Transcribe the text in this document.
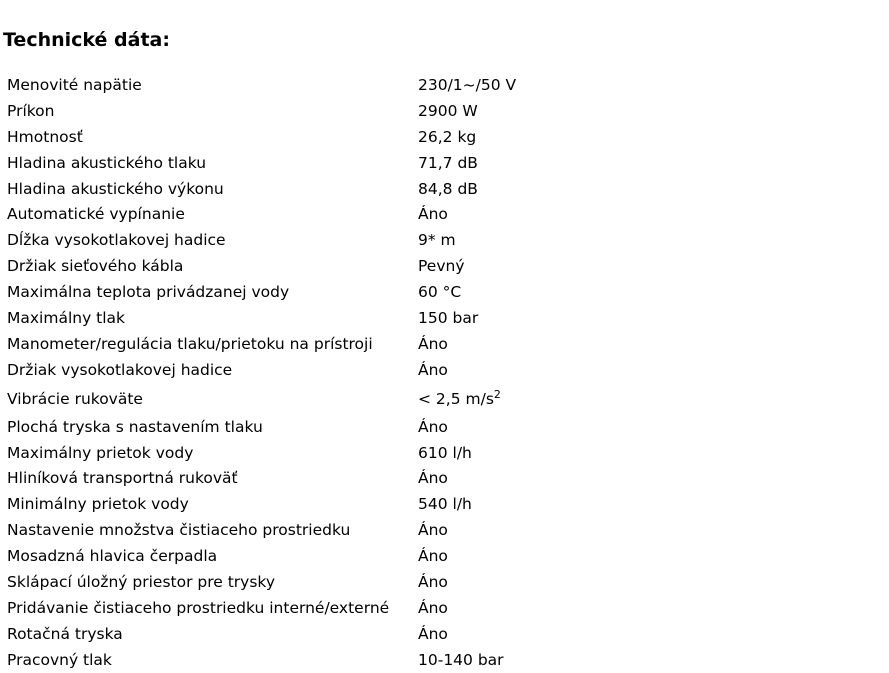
Technické dáta:
Menovité napätie	230/1~/50 V
Príkon	2900 W
Hmotnosť	26,2 kg
Hladina akustického tlaku	71,7 dB
Hladina akustického výkonu	84,8 dB
Automatické vypínanie	Áno
Dĺžka vysokotlakovej hadice	9* m
Držiak sieťového kábla	Pevný
Maximálna teplota privádzanej vody	60 °C
Maximálny tlak	150 bar
Manometer/regulácia tlaku/prietoku na prístroji	Áno
Držiak vysokotlakovej hadice	Áno
Vibrácie rukoväte	< 2,5 $m/s^2$
Plochá tryska s nastavením tlaku	Áno
Maximálny prietok vody	610 l/h
Hliníková transportná rukoväť	Áno
Minimálny prietok vody	540 l/h
Nastavenie množstva čistiaceho prostriedku	Áno
Mosadzná hlavica čerpadla	Áno
Sklápací úložný priestor pre trysky	Áno
Pridávanie čistiaceho prostriedku interné/externé	Áno
Rotačná tryska	Áno
Pracovný tlak	10-140 bar
